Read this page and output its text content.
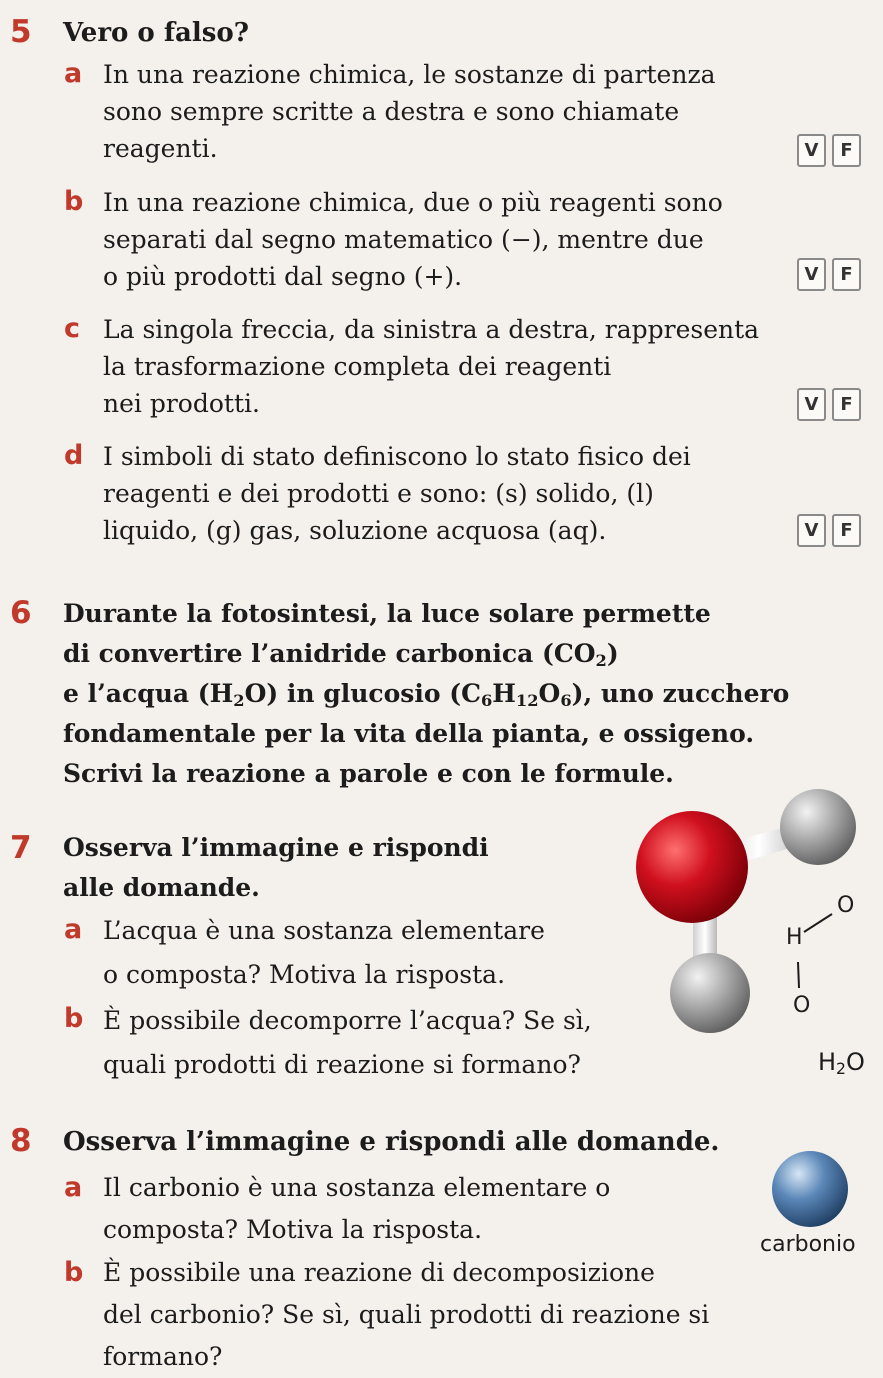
5 Vero o falso?
a In una reazione chimica, le sostanze di partenza
sono sempre scritte a destra e sono chiamate
reagenti.	V	F
b In una reazione chimica, due o più reagenti sono
separati dal segno matematico (−), mentre due
o più prodotti dal segno (+).	V	F
c La singola freccia, da sinistra a destra, rappresenta
la trasformazione completa dei reagenti
nei prodotti.	V	F
d I simboli di stato definiscono lo stato fisico dei
reagenti e dei prodotti e sono: (s) solido, (l)
liquido, (g) gas, soluzione acquosa (aq).	V	F
6 Durante la fotosintesi, la luce solare permette
di convertire l’anidride carbonica $(CO_2)$
e l’acqua $(H_2O)$ in glucosio $(C_6H_{12}O_6)$, uno zucchero
fondamentale per la vita della pianta, e ossigeno.
Scrivi la reazione a parole e con le formule.
7 Osserva l’immagine e rispondi
alle domande.
a L’acqua è una sostanza elementare
o composta? Motiva la risposta.
b È possibile decomporre l’acqua? Se sì,
quali prodotti di reazione si formano?
O
H
O
$H_2O$
8 Osserva l’immagine e rispondi alle domande.
a Il carbonio è una sostanza elementare o
composta? Motiva la risposta.
b È possibile una reazione di decomposizione
del carbonio? Se sì, quali prodotti di reazione si
formano?
carbonio
